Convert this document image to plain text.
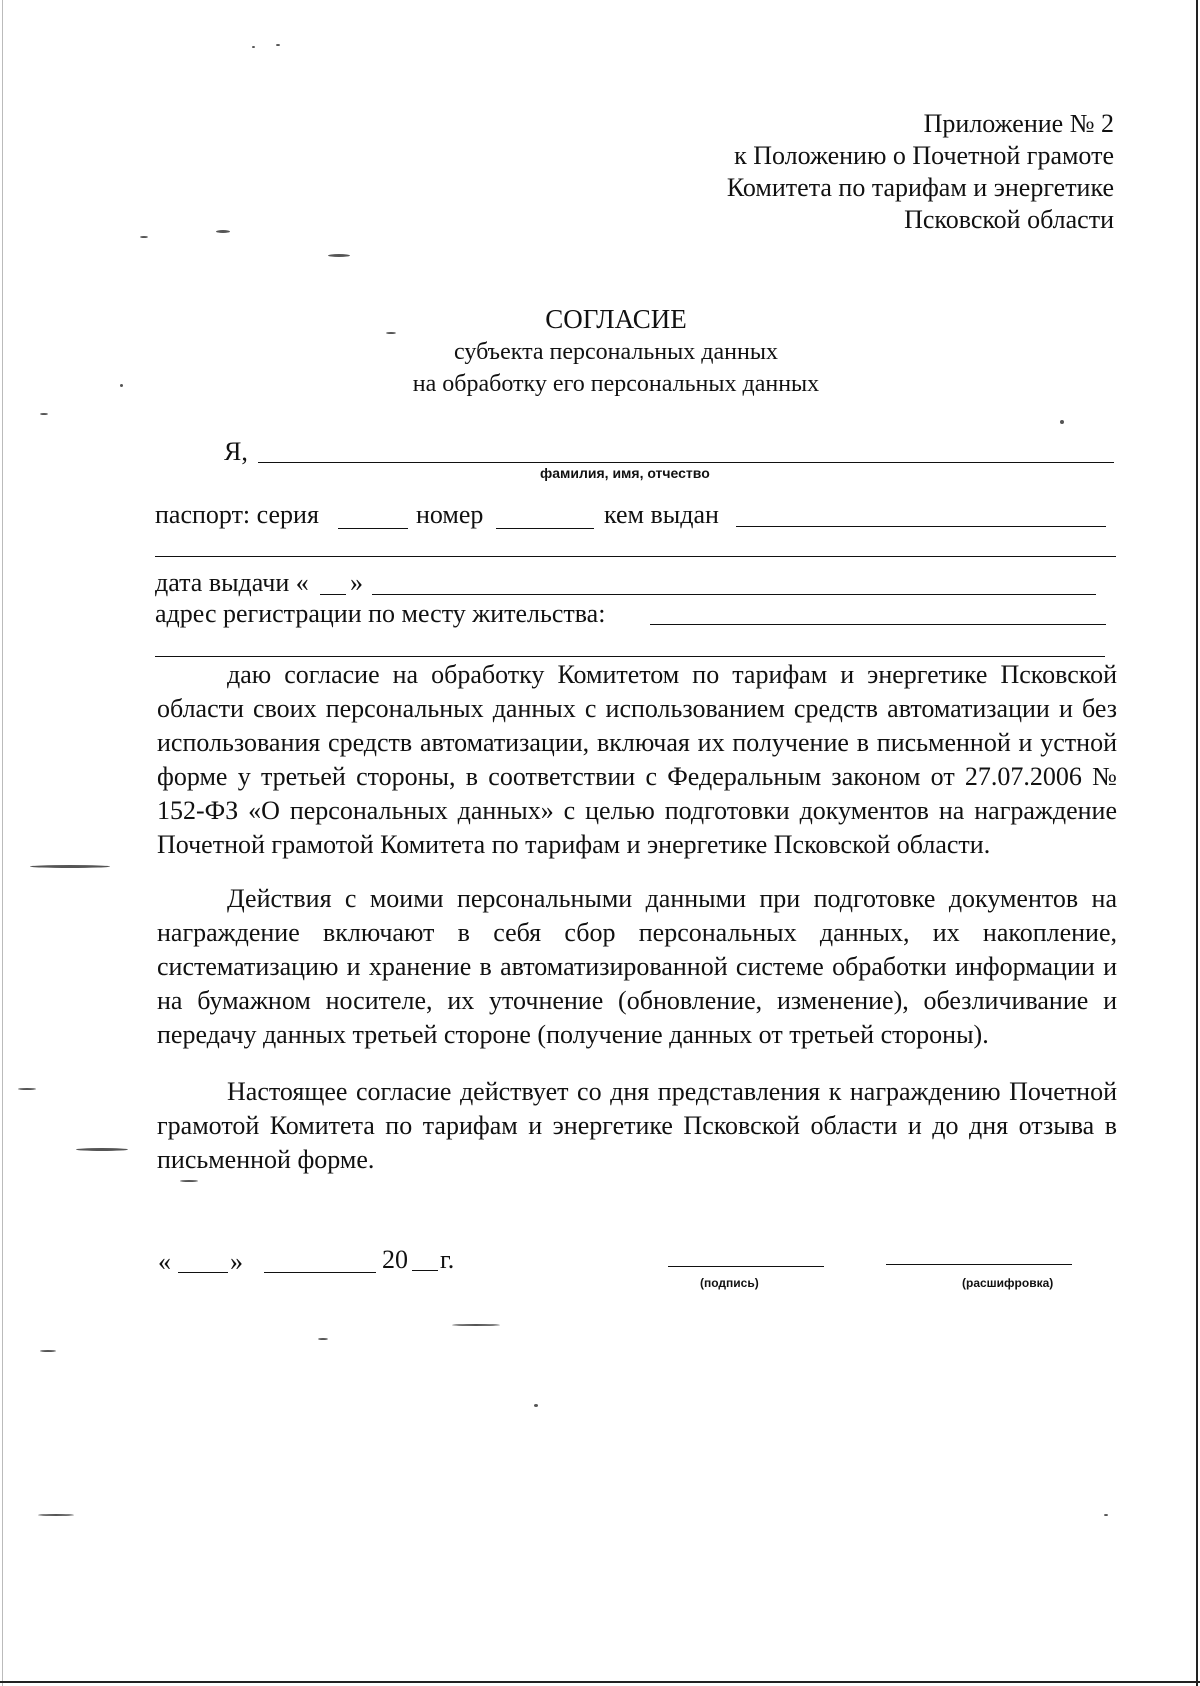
Приложение № 2
к Положению о Почетной грамоте
Комитета по тарифам и энергетике
Псковской области
СОГЛАСИЕ
субъекта персональных данных
на обработку его персональных данных
Я,
фамилия, имя, отчество
паспорт: серия	номер	кем выдан
дата выдачи « »
адрес регистрации по месту жительства:

даю согласие на обработку Комитетом по тарифам и энергетике Псковской области своих персональных данных с использованием средств автоматизации и без использования средств автоматизации, включая их получение в письменной и устной форме у третьей стороны, в соответствии с Федеральным законом от 27.07.2006 № 152-ФЗ «О персональных данных» с целью подготовки документов на награждение Почетной грамотой Комитета по тарифам и энергетике Псковской области.

Действия с моими персональными данными при подготовке документов на награждение включают в себя сбор персональных данных, их накопление, систематизацию и хранение в автоматизированной системе обработки информации и на бумажном носителе, их уточнение (обновление, изменение), обезличивание и передачу данных третьей стороне (получение данных от третьей стороны).

Настоящее согласие действует со дня представления к награждению Почетной грамотой Комитета по тарифам и энергетике Псковской области и до дня отзыва в письменной форме.

« »	20 г.
(подпись)	(расшифровка)
